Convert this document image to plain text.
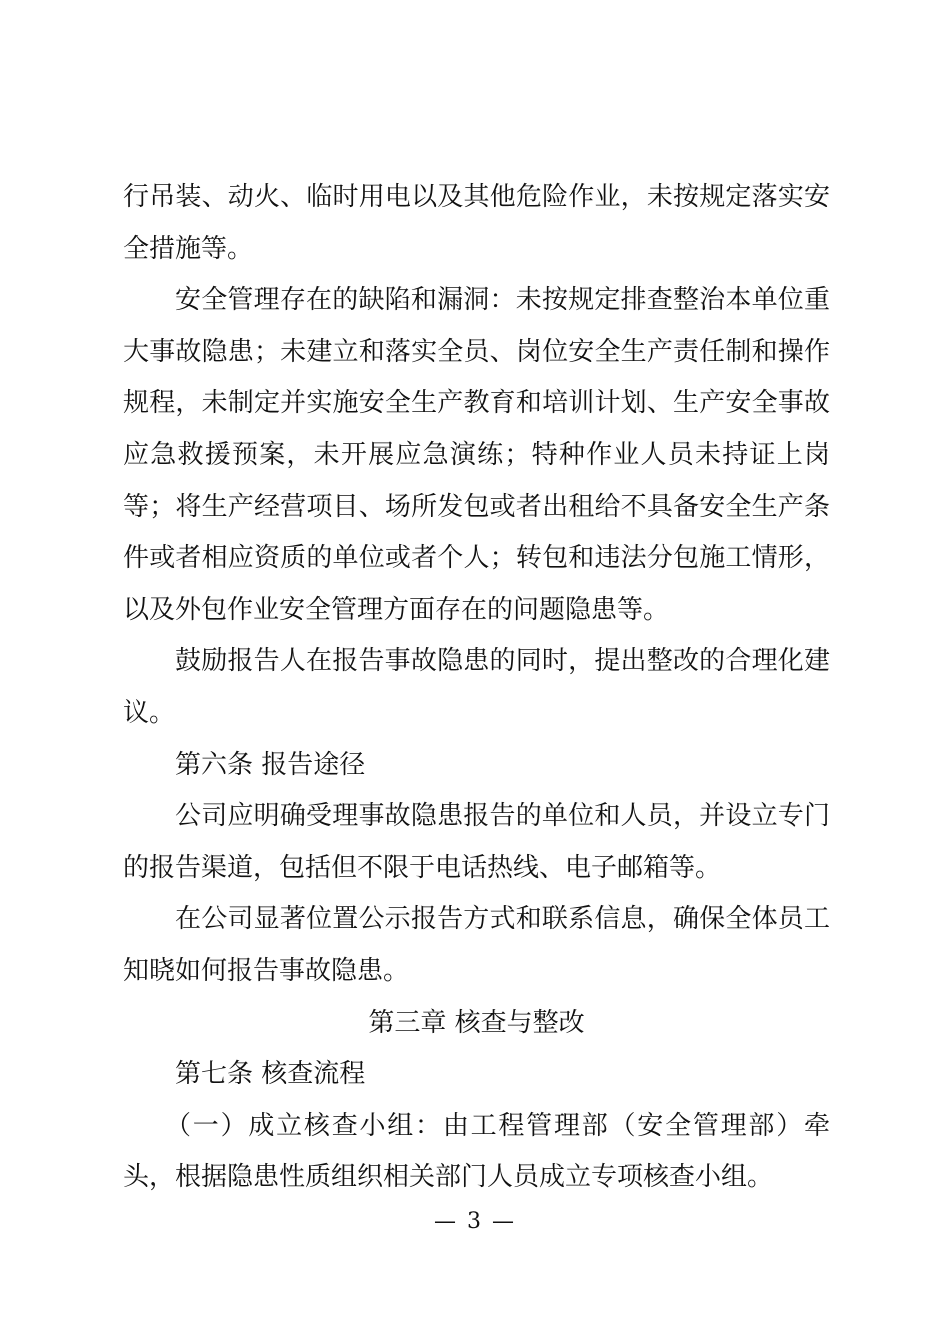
行吊装、动火、临时用电以及其他危险作业，未按规定落实安全措施等。

安全管理存在的缺陷和漏洞：未按规定排查整治本单位重大事故隐患；未建立和落实全员、岗位安全生产责任制和操作规程，未制定并实施安全生产教育和培训计划、生产安全事故应急救援预案，未开展应急演练；特种作业人员未持证上岗等；将生产经营项目、场所发包或者出租给不具备安全生产条件或者相应资质的单位或者个人；转包和违法分包施工情形，以及外包作业安全管理方面存在的问题隐患等。

鼓励报告人在报告事故隐患的同时，提出整改的合理化建议。

第六条 报告途径

公司应明确受理事故隐患报告的单位和人员，并设立专门的报告渠道，包括但不限于电话热线、电子邮箱等。

在公司显著位置公示报告方式和联系信息，确保全体员工知晓如何报告事故隐患。

第三章 核查与整改

第七条 核查流程

（一）成立核查小组：由工程管理部（安全管理部）牵头，根据隐患性质组织相关部门人员成立专项核查小组。

— 3 —
